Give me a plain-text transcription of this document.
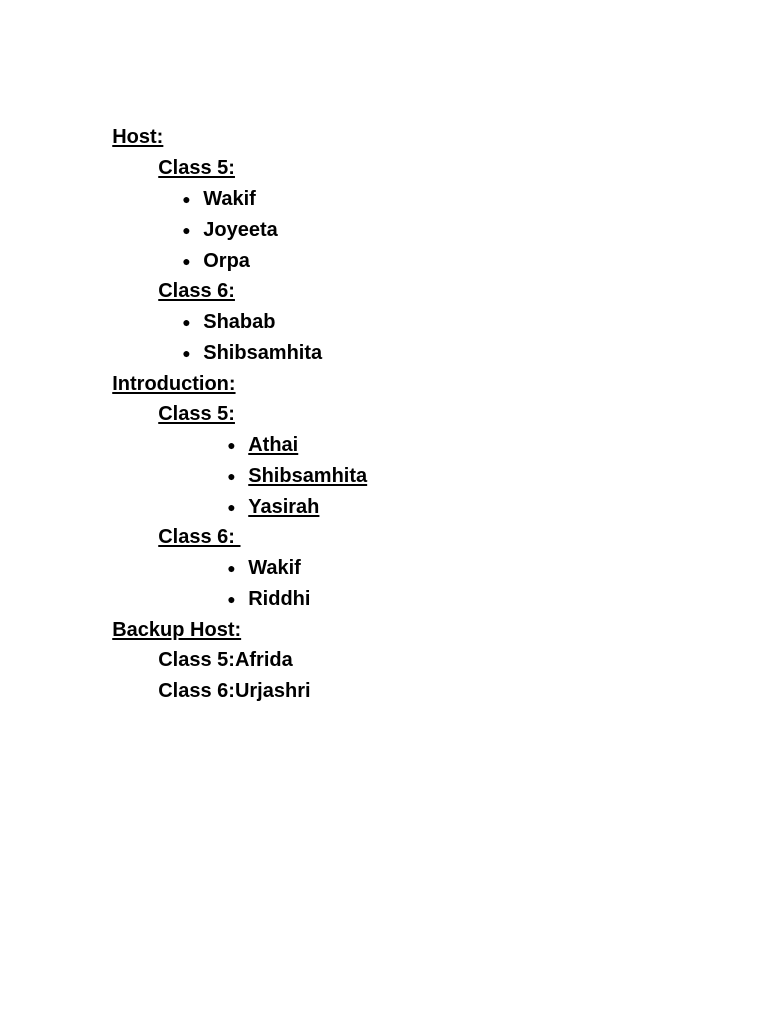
Host:

Class 5:

● Wakif

● Joyeeta

● Orpa

Class 6:

● Shabab

● Shibsamhita

Introduction:

Class 5:

● Athai

● Shibsamhita

● Yasirah

Class 6:

● Wakif

● Riddhi

Backup Host:

Class 5:Afrida

Class 6:Urjashri
